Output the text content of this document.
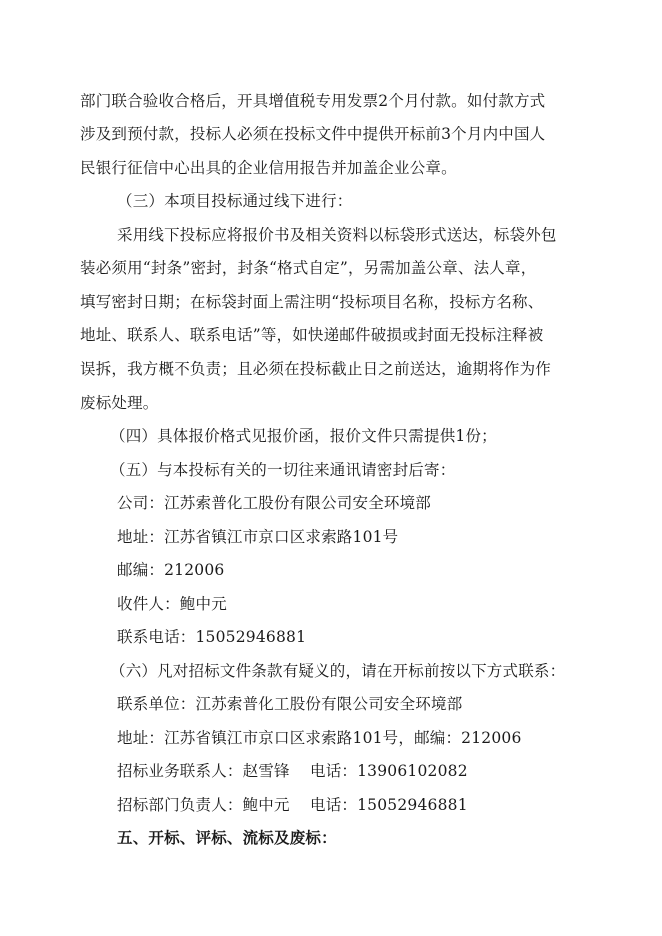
部门联合验收合格后，开具增值税专用发票2个月付款。如付款方式
涉及到预付款，投标人必须在投标文件中提供开标前3个月内中国人
民银行征信中心出具的企业信用报告并加盖企业公章。
（三）本项目投标通过线下进行：
采用线下投标应将报价书及相关资料以标袋形式送达，标袋外包
装必须用“封条”密封，封条“格式自定”，另需加盖公章、法人章，
填写密封日期；在标袋封面上需注明“投标项目名称，投标方名称、
地址、联系人、联系电话”等，如快递邮件破损或封面无投标注释被
误拆，我方概不负责；且必须在投标截止日之前送达，逾期将作为作
废标处理。
（四）具体报价格式见报价函，报价文件只需提供1份；
（五）与本投标有关的一切往来通讯请密封后寄：
公司：江苏索普化工股份有限公司安全环境部
地址：江苏省镇江市京口区求索路101号
邮编：212006
收件人：鲍中元
联系电话：15052946881
（六）凡对招标文件条款有疑义的，请在开标前按以下方式联系：
联系单位：江苏索普化工股份有限公司安全环境部
地址：江苏省镇江市京口区求索路101号，邮编：212006
招标业务联系人：赵雪锋 电话：13906102082
招标部门负责人：鲍中元 电话：15052946881
五、开标、评标、流标及废标：
